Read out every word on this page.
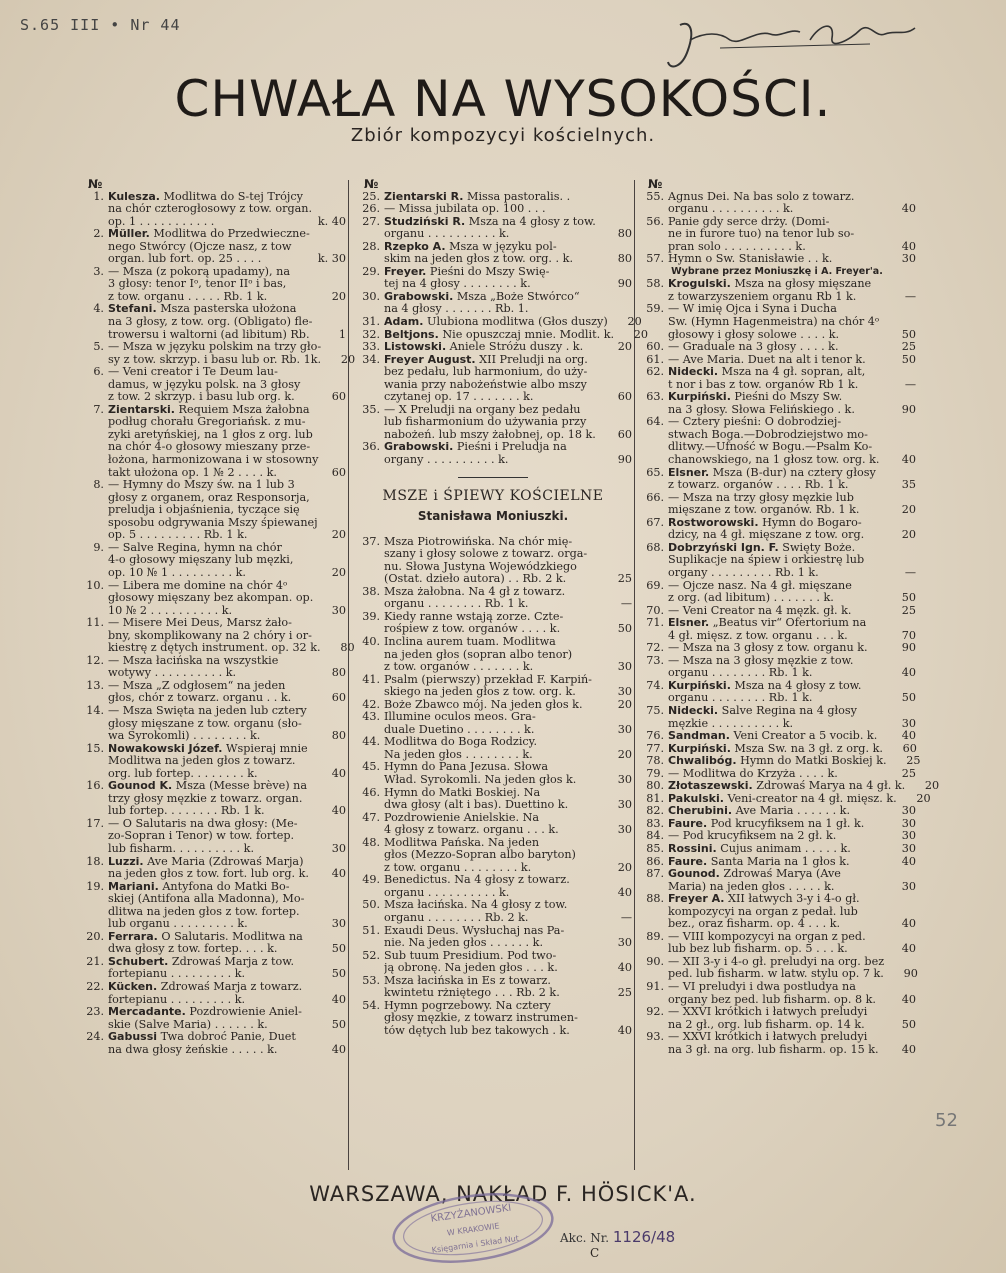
S.65 III • Nr 44
CHWAŁA NA WYSOKOŚCI.
Zbiór kompozycyi kościelnych.
№
1. Kulesza. Modlitwa do Ś-tej Trójcy
na chór czterogłosowy z tow. organ.
op. 1 . . . . . . . . . . .	k. 40
2. Müller. Modlitwa do Przedwieczne-
nego Stwórcy (Ojcze nasz, z tow
organ. lub fort. op. 25 . . . .	k. 30
3. — Msza (z pokorą upadamy), na
3 głosy: tenor Iᵒ, tenor IIᵒ i bas,
z tow. organu . . . . . Rb. 1 k.	20
4. Stefani. Msza pasterska ułożona
na 3 głosy, z tow. org. (Obligato) fle-
trowersu i waltorni (ad libitum) Rb.	1
5. — Msza w języku polskim na trzy gło-
sy z tow. skrzyp. i basu lub or. Rb. 1k.	20
6. — Veni creator i Te Deum lau-
damus, w języku polsk. na 3 głosy
z tow. 2 skrzyp. i basu lub org. k.	60
7. Zientarski. Requiem Msza żałobna
podług chorału Gregoriańsk. z mu-
zyki aretyńskiej, na 1 głos z org. lub
na chór 4-o głosowy mieszany prze-
łożona, harmonizowana i w stosowny
takt ułożona op. 1 № 2 . . . . k.	60
8. — Hymny do Mszy św. na 1 lub 3
głosy z organem, oraz Responsorja,
preludja i objaśnienia, tyczące się
sposobu odgrywania Mszy śpiewanej
op. 5 . . . . . . . . . Rb. 1 k.	20
9. — Salve Regina, hymn na chór
4-o głosowy mięszany lub męzki,
op. 10 № 1 . . . . . . . . . k.	20
10. — Libera me domine na chór 4ᵒ
głosowy mięszany bez akompan. op.
10 № 2 . . . . . . . . . . k.	30
11. — Misere Mei Deus, Marsz żało-
bny, skomplikowany na 2 chóry i or-
kiestrę z dętych instrument. op. 32 k.	80
12. — Msza łacińska na wszystkie
wotywy . . . . . . . . . . k.	80
13. — Msza „Z odgłosem“ na jeden
głos, chór z towarz. organu . . k.	60
14. — Msza Święta na jeden lub cztery
głosy mięszane z tow. organu (sło-
wa Syrokomli) . . . . . . . . k.	80
15. Nowakowski Józef. Wspieraj mnie
Modlitwa na jeden głos z towarz.
org. lub fortep. . . . . . . . k.	40
16. Gounod K. Msza (Messe brève) na
trzy głosy męzkie z towarz. organ.
lub fortep. . . . . . . . Rb. 1 k.	40
17. — O Salutaris na dwa głosy: (Me-
zo-Sopran i Tenor) w tow. fortep.
lub fisharm. . . . . . . . . . k.	30
18. Luzzi. Ave Maria (Zdrowaś Marja)
na jeden głos z tow. fort. lub org. k.	40
19. Mariani. Antyfona do Matki Bo-
skiej (Antifona alla Madonna), Mo-
dlitwa na jeden głos z tow. fortep.
lub organu . . . . . . . . . k.	30
20. Ferrara. O Salutaris. Modlitwa na
dwa głosy z tow. fortep. . . . k.	50
21. Schubert. Zdrowaś Marja z tow.
fortepianu . . . . . . . . . k.	50
22. Kücken. Zdrowaś Marja z towarz.
fortepianu . . . . . . . . . k.	40
23. Mercadante. Pozdrowienie Aniel-
skie (Salve Maria) . . . . . . k.	50
24. Gabussi Twa dobroć Panie, Duet
na dwa głosy żeńskie . . . . . k.	40
№
25. Zientarski R. Missa pastoralis. .
26. — Missa jubilata op. 100 . . .
27. Studziński R. Msza na 4 głosy z tow.
organu . . . . . . . . . . k.	80
28. Rzepko A. Msza w języku pol-
skim na jeden głos z tow. org. . k.	80
29. Freyer. Pieśni do Mszy Świę-
tej na 4 głosy . . . . . . . . k.	90
30. Grabowski. Msza „Boże Stwórco“
na 4 głosy . . . . . . . Rb. 1.
31. Adam. Ulubiona modlitwa (Głos duszy)	20
32. Beltjons. Nie opuszczaj mnie. Modlit. k.	20
33. Listowski. Aniele Stróżu duszy . k.	20
34. Freyer August. XII Preludji na org.
bez pedału, lub harmonium, do uży-
wania przy nabożeństwie albo mszy
czytanej op. 17 . . . . . . . k.	60
35. — X Preludji na organy bez pedału
lub fisharmonium do używania przy
nabożeń. lub mszy żałobnej, op. 18 k.	60
36. Grabowski. Pieśni i Preludja na
organy . . . . . . . . . . k.	90
MSZE i ŚPIEWY KOŚCIELNE
Stanisława Moniuszki.
37. Msza Piotrowińska. Na chór mię-
szany i głosy solowe z towarz. orga-
nu. Słowa Justyna Wojewódzkiego
(Ostat. dzieło autora) . . Rb. 2 k.	25
38. Msza żałobna. Na 4 gł z towarz.
organu . . . . . . . . Rb. 1 k.	—
39. Kiedy ranne wstają zorze. Czte-
rośpiew z tow. organów . . . . k.	50
40. Inclina aurem tuam. Modlitwa
na jeden głos (sopran albo tenor)
z tow. organów . . . . . . . k.	30
41. Psalm (pierwszy) przekład F. Karpiń-
skiego na jeden głos z tow. org. k.	30
42. Boże Zbawco mój. Na jeden głos k.	20
43. Illumine oculos meos. Gra-
duale Duetino . . . . . . . . k.	30
44. Modlitwa do Boga Rodzicy.
Na jeden głos . . . . . . . . k.	20
45. Hymn do Pana Jezusa. Słowa
Wład. Syrokomli. Na jeden głos k.	30
46. Hymn do Matki Boskiej. Na
dwa głosy (alt i bas). Duettino k.	30
47. Pozdrowienie Anielskie. Na
4 głosy z towarz. organu . . . k.	30
48. Modlitwa Pańska. Na jeden
głos (Mezzo-Sopran albo baryton)
z tow. organu . . . . . . . . k.	20
49. Benedictus. Na 4 głosy z towarz.
organu . . . . . . . . . . k.	40
50. Msza łacińska. Na 4 głosy z tow.
organu . . . . . . . . Rb. 2 k.	—
51. Exaudi Deus. Wysłuchaj nas Pa-
nie. Na jeden głos . . . . . . k.	30
52. Sub tuum Presidium. Pod two-
ją obronę. Na jeden głos . . . k.	40
53. Msza łacińska in Es z towarz.
kwintetu rżniętego . . . Rb. 2 k.	25
54. Hymn pogrzebowy. Na cztery
głosy męzkie, z towarz instrumen-
tów dętych lub bez takowych . k.	40
№
55. Agnus Dei. Na bas solo z towarz.
organu . . . . . . . . . . k.	40
56. Panie gdy serce drży. (Domi-
ne in furore tuo) na tenor lub so-
pran solo . . . . . . . . . . k.	40
57. Hymn o Św. Stanisławie . . k.	30
Wybrane przez Moniuszkę i A. Freyer'a.
58. Krogulski. Msza na głosy mięszane
z towarzyszeniem organu Rb 1 k.	—
59. — W imię Ojca i Syna i Ducha
Św. (Hymn Hagenmeistra) na chór 4ᵒ
głosowy i głosy solowe . . . . k.	50
60. — Graduale na 3 głosy . . . . k.	25
61. — Ave Maria. Duet na alt i tenor k.	50
62. Nidecki. Msza na 4 gł. sopran, alt,
t nor i bas z tow. organów Rb 1 k.	—
63. Kurpiński. Pieśni do Mszy Św.
na 3 głosy. Słowa Felińskiego . k.	90
64. — Cztery pieśni: O dobrodziej-
stwach Boga.—Dobrodziejstwo mo-
dlitwy.—Ufność w Bogu.—Psalm Ko-
chanowskiego, na 1 głosz tow. org. k.	40
65. Elsner. Msza (B-dur) na cztery głosy
z towarz. organów . . . . Rb. 1 k.	35
66. — Msza na trzy głosy męzkie lub
mięszane z tow. organów. Rb. 1 k.	20
67. Rostworowski. Hymn do Bogaro-
dzicy, na 4 gł. mięszane z tow. org.	20
68. Dobrzyński Ign. F. Święty Boże.
Suplikacje na śpiew i orkiestrę lub
organy . . . . . . . . . Rb. 1 k.	—
69. — Ojcze nasz. Na 4 gł. mięszane
z org. (ad libitum) . . . . . . . k.	50
70. — Veni Creator na 4 męzk. gł. k.	25
71. Elsner. „Beatus vir“ Ofertorium na
4 gł. mięsz. z tow. organu . . . k.	70
72. — Msza na 3 głosy z tow. organu k.	90
73. — Msza na 3 głosy męzkie z tow.
organu . . . . . . . . Rb. 1 k.	40
74. Kurpiński. Msza na 4 głosy z tow.
organu . . . . . . . . Rb. 1 k.	50
75. Nidecki. Salve Regina na 4 głosy
męzkie . . . . . . . . . . k.	30
76. Sandman. Veni Creator a 5 vocib. k.	40
77. Kurpiński. Msza Św. na 3 gł. z org. k.	60
78. Chwalibóg. Hymn do Matki Boskiej k.	25
79. — Modlitwa do Krzyża . . . . k.	25
80. Złotaszewski. Zdrowaś Marya na 4 gł. k.	20
81. Pakulski. Veni-creator na 4 gł. mięsz. k.	20
82. Cherubini. Ave Maria . . . . . . k.	30
83. Faure. Pod krucyfiksem na 1 gł. k.	30
84. — Pod krucyfiksem na 2 gł. k.	30
85. Rossini. Cujus animam . . . . . k.	30
86. Faure. Santa Maria na 1 głos k.	40
87. Gounod. Zdrowaś Marya (Ave
Maria) na jeden głos . . . . . k.	30
88. Freyer A. XII łatwych 3-y i 4-o gł.
kompozycyi na organ z pedał. lub
bez., oraz fisharm. op. 4 . . . k.	40
89. — VIII kompozycyi na organ z ped.
lub bez lub fisharm. op. 5 . . . k.	40
90. — XII 3-y i 4-o gł. preludyi na org. bez
ped. lub fisharm. w latw. stylu op. 7 k.	90
91. — VI preludyi i dwa postludya na
organy bez ped. lub fisharm. op. 8 k.	40
92. — XXVI krótkich i łatwych preludyi
na 2 gł., org. lub fisharm. op. 14 k.	50
93. — XXVI krótkich i łatwych preludyi
na 3 gł. na org. lub fisharm. op. 15 k.	40
WARSZAWA, NAKŁAD F. HÖSICK'A.
KRZYŻANOWSKI
W KRAKOWIE
Księgarnia i Skład Nut	Akc. Nr. 1126/48
C
52
